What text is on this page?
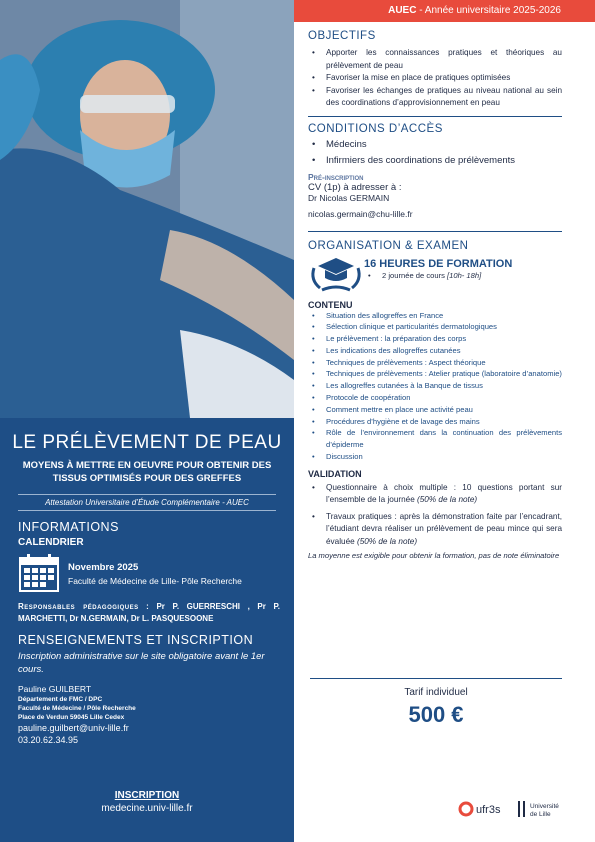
LE PRÉLÈVEMENT DE PEAU
MOYENS À METTRE EN OEUVRE POUR OBTENIR DES TISSUS OPTIMISÉS POUR DES GREFFES
Attestation Universitaire d’Étude Complémentaire - AUEC
INFORMATIONS
CALENDRIER
Novembre 2025
Faculté de Médecine de Lille- Pôle Recherche
Responsables pédagogiques : Pr P. GUERRESCHI , Pr P. MARCHETTI, Dr N.GERMAIN, Dr L. PASQUESOONE
RENSEIGNEMENTS ET INSCRIPTION
Inscription administrative sur le site obligatoire avant le 1er cours.
Pauline GUILBERT
Département de FMC / DPC
Faculté de Médecine / Pôle Recherche
Place de Verdun 59045 Lille Cedex
pauline.guilbert@univ-lille.fr
03.20.62.34.95
INSCRIPTION
medecine.univ-lille.fr
AUEC - Année universitaire 2025-2026
OBJECTIFS
• Apporter les connaissances pratiques et théoriques au prélèvement de peau
• Favoriser la mise en place de pratiques optimisées
• Favoriser les échanges de pratiques au niveau national au sein des coordinations d’approvisionnement en peau
CONDITIONS D’ACCÈS
• Médecins
• Infirmiers des coordinations de prélèvements
Pré-inscription
CV (1p) à adresser à :
Dr Nicolas GERMAIN
nicolas.germain@chu-lille.fr
ORGANISATION & EXAMEN
16 HEURES DE FORMATION
• 2 journée de cours [10h- 18h]
CONTENU
• Situation des allogreffes en France
• Sélection clinique et particularités dermatologiques
• Le prélèvement : la préparation des corps
• Les indications des allogreffes cutanées
• Techniques de prélèvements : Aspect théorique
• Techniques de prélèvements : Atelier pratique (laboratoire d’anatomie)
• Les allogreffes cutanées à la Banque de tissus
• Protocole de coopération
• Comment mettre en place une activité peau
• Procédures d’hygiène et de lavage des mains
• Rôle de l’environnement dans la continuation des prélèvements d’épiderme
• Discussion
VALIDATION
• Questionnaire à choix multiple : 10 questions portant sur l’ensemble de la journée (50% de la note)
• Travaux pratiques : après la démonstration faite par l’encadrant, l’étudiant devra réaliser un prélèvement de peau mince qui sera évaluée (50% de la note)
La moyenne est exigible pour obtenir la formation, pas de note éliminatoire
Tarif individuel
500 €
ufr3s	Université
de Lille
